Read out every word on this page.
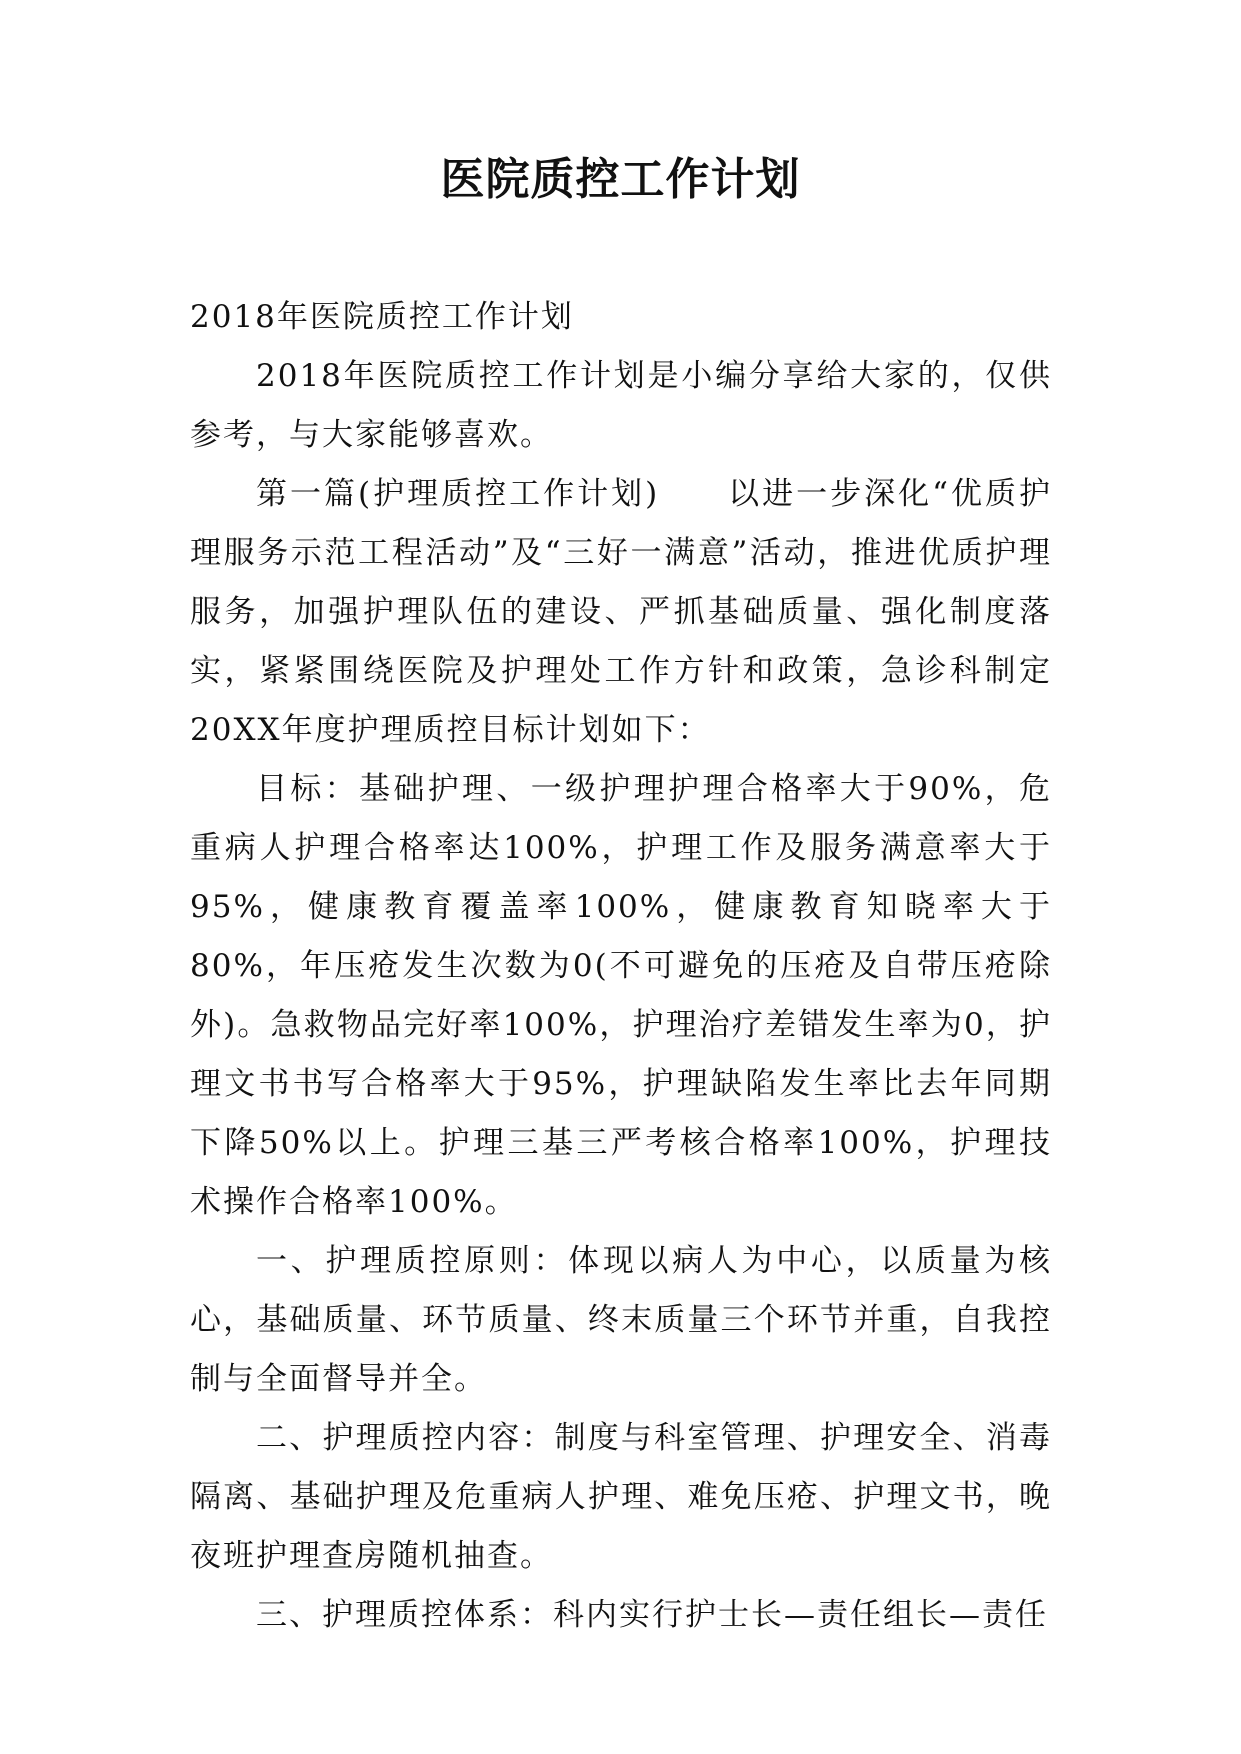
医院质控工作计划

2018年医院质控工作计划

2018年医院质控工作计划是小编分享给大家的，仅供参考，与大家能够喜欢。

第一篇(护理质控工作计划)　　以进一步深化“优质护理服务示范工程活动”及“三好一满意”活动，推进优质护理服务，加强护理队伍的建设、严抓基础质量、强化制度落实，紧紧围绕医院及护理处工作方针和政策，急诊科制定20XX年度护理质控目标计划如下：

目标：基础护理、一级护理护理合格率大于90%，危重病人护理合格率达100%，护理工作及服务满意率大于95%，健康教育覆盖率100%，健康教育知晓率大于80%，年压疮发生次数为0(不可避免的压疮及自带压疮除外)。急救物品完好率100%，护理治疗差错发生率为0，护理文书书写合格率大于95%，护理缺陷发生率比去年同期下降50%以上。护理三基三严考核合格率100%，护理技术操作合格率100%。

一、护理质控原则：体现以病人为中心，以质量为核心，基础质量、环节质量、终末质量三个环节并重，自我控制与全面督导并全。

二、护理质控内容：制度与科室管理、护理安全、消毒隔离、基础护理及危重病人护理、难免压疮、护理文书，晚夜班护理查房随机抽查。

三、护理质控体系：科内实行护士长—责任组长—责任
